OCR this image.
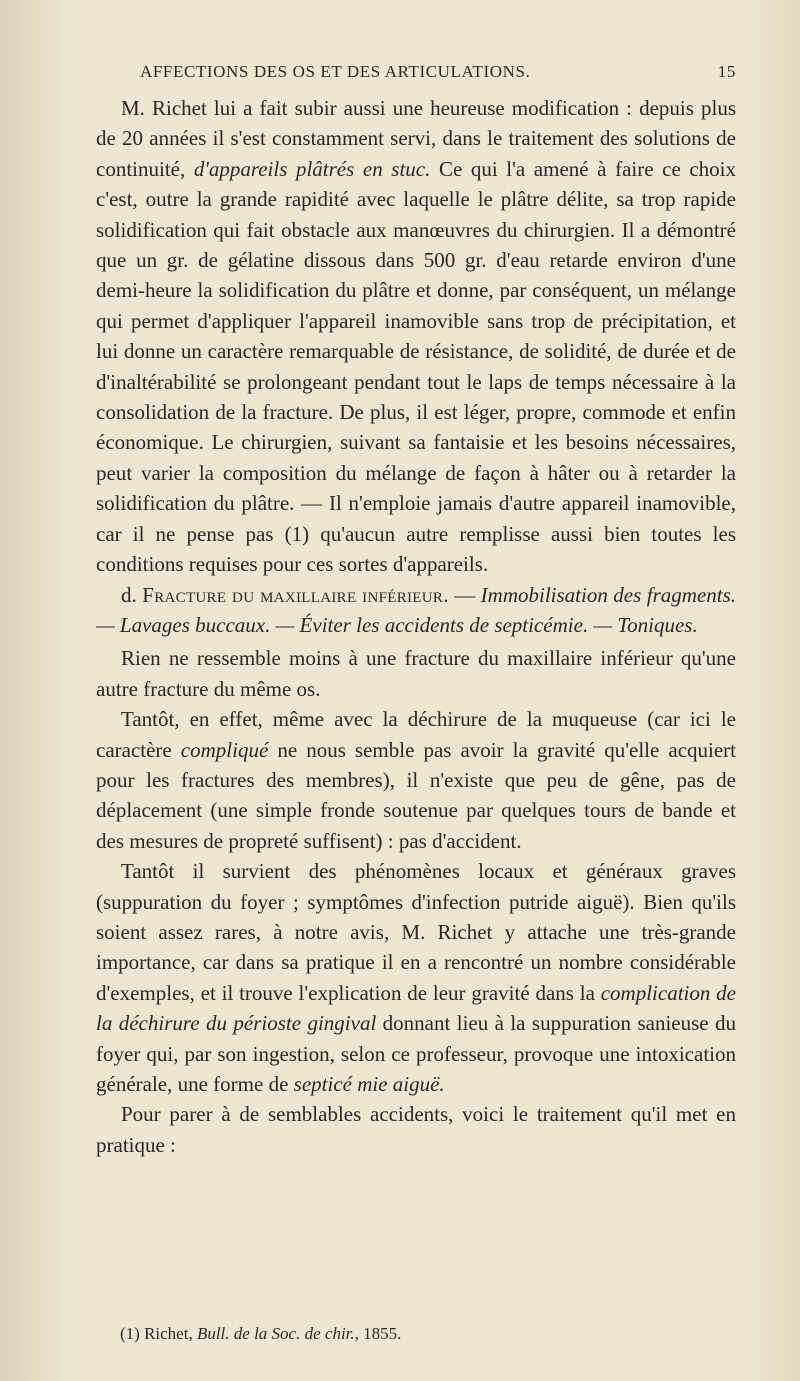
AFFECTIONS DES OS ET DES ARTICULATIONS.	15

M. Richet lui a fait subir aussi une heureuse modification : depuis plus de 20 années il s'est constamment servi, dans le traitement des solutions de continuité, d'appareils plâtrés en stuc. Ce qui l'a amené à faire ce choix c'est, outre la grande rapidité avec laquelle le plâtre délite, sa trop rapide solidification qui fait obstacle aux manœuvres du chirurgien. Il a démontré que un gr. de gélatine dissous dans 500 gr. d'eau retarde environ d'une demi-heure la solidification du plâtre et donne, par conséquent, un mélange qui permet d'appliquer l'appareil inamovible sans trop de précipitation, et lui donne un caractère remarquable de résistance, de solidité, de durée et de d'inaltérabilité se prolongeant pendant tout le laps de temps nécessaire à la consolidation de la fracture. De plus, il est léger, propre, commode et enfin économique. Le chirurgien, suivant sa fantaisie et les besoins nécessaires, peut varier la composition du mélange de façon à hâter ou à retarder la solidification du plâtre. — Il n'emploie jamais d'autre appareil inamovible, car il ne pense pas (1) qu'aucun autre remplisse aussi bien toutes les conditions requises pour ces sortes d'appareils.

d. Fracture du maxillaire inférieur. — Immobilisation des fragments. — Lavages buccaux. — Éviter les accidents de septicémie. — Toniques.

Rien ne ressemble moins à une fracture du maxillaire inférieur qu'une autre fracture du même os.

Tantôt, en effet, même avec la déchirure de la muqueuse (car ici le caractère compliqué ne nous semble pas avoir la gravité qu'elle acquiert pour les fractures des membres), il n'existe que peu de gêne, pas de déplacement (une simple fronde soutenue par quelques tours de bande et des mesures de propreté suffisent) : pas d'accident.

Tantôt il survient des phénomènes locaux et généraux graves (suppuration du foyer ; symptômes d'infection putride aiguë). Bien qu'ils soient assez rares, à notre avis, M. Richet y attache une très-grande importance, car dans sa pratique il en a rencontré un nombre considérable d'exemples, et il trouve l'explication de leur gravité dans la complication de la déchirure du périoste gingival donnant lieu à la suppuration sanieuse du foyer qui, par son ingestion, selon ce professeur, provoque une intoxication générale, une forme de septicé mie aiguë.

Pour parer à de semblables accidents, voici le traitement qu'il met en pratique :

(1) Richet, Bull. de la Soc. de chir., 1855.
